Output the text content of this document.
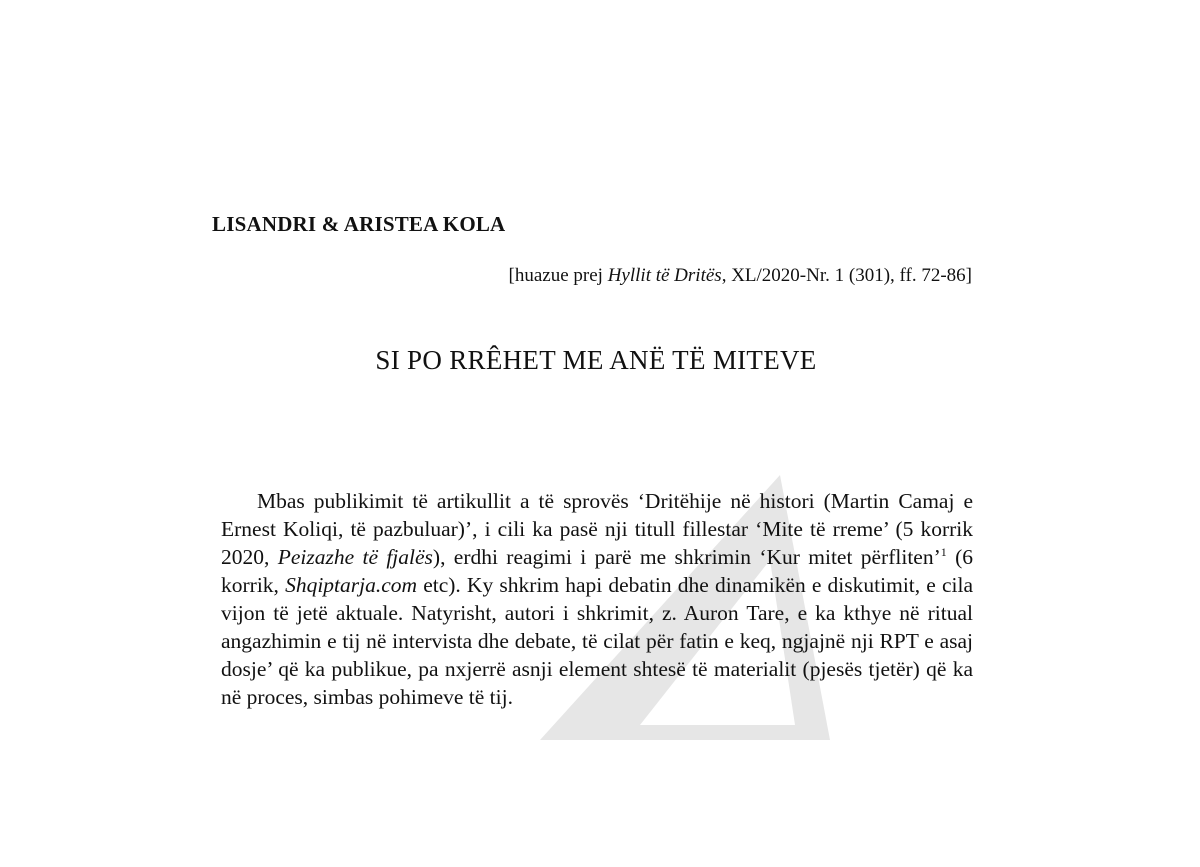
LISANDRI & ARISTEA KOLA
[huazue prej Hyllit të Dritës, XL/2020-Nr. 1 (301), ff. 72-86]
SI PO RRÊHET ME ANË TË MITEVE

Mbas publikimit të artikullit a të sprovës ‘Dritëhije në histori (Martin Camaj e Ernest Koliqi, të pazbuluar)’, i cili ka pasë nji titull fillestar ‘Mite të rreme’ (5 korrik 2020, Peizazhe të fjalës), erdhi reagimi i parë me shkrimin ‘Kur mitet përfliten’$^1$ (6 korrik, Shqiptarja.com etc). Ky shkrim hapi debatin dhe dinamikën e diskutimit, e cila vijon të jetë aktuale. Natyrisht, autori i shkrimit, z. Auron Tare, e ka kthye në ritual angazhimin e tij në intervista dhe debate, të cilat për fatin e keq, ngjajnë nji RPT e asaj dosje’ që ka publikue, pa nxjerrë asnji element shtesë të materialit (pjesës tjetër) që ka në proces, simbas pohimeve të tij.
